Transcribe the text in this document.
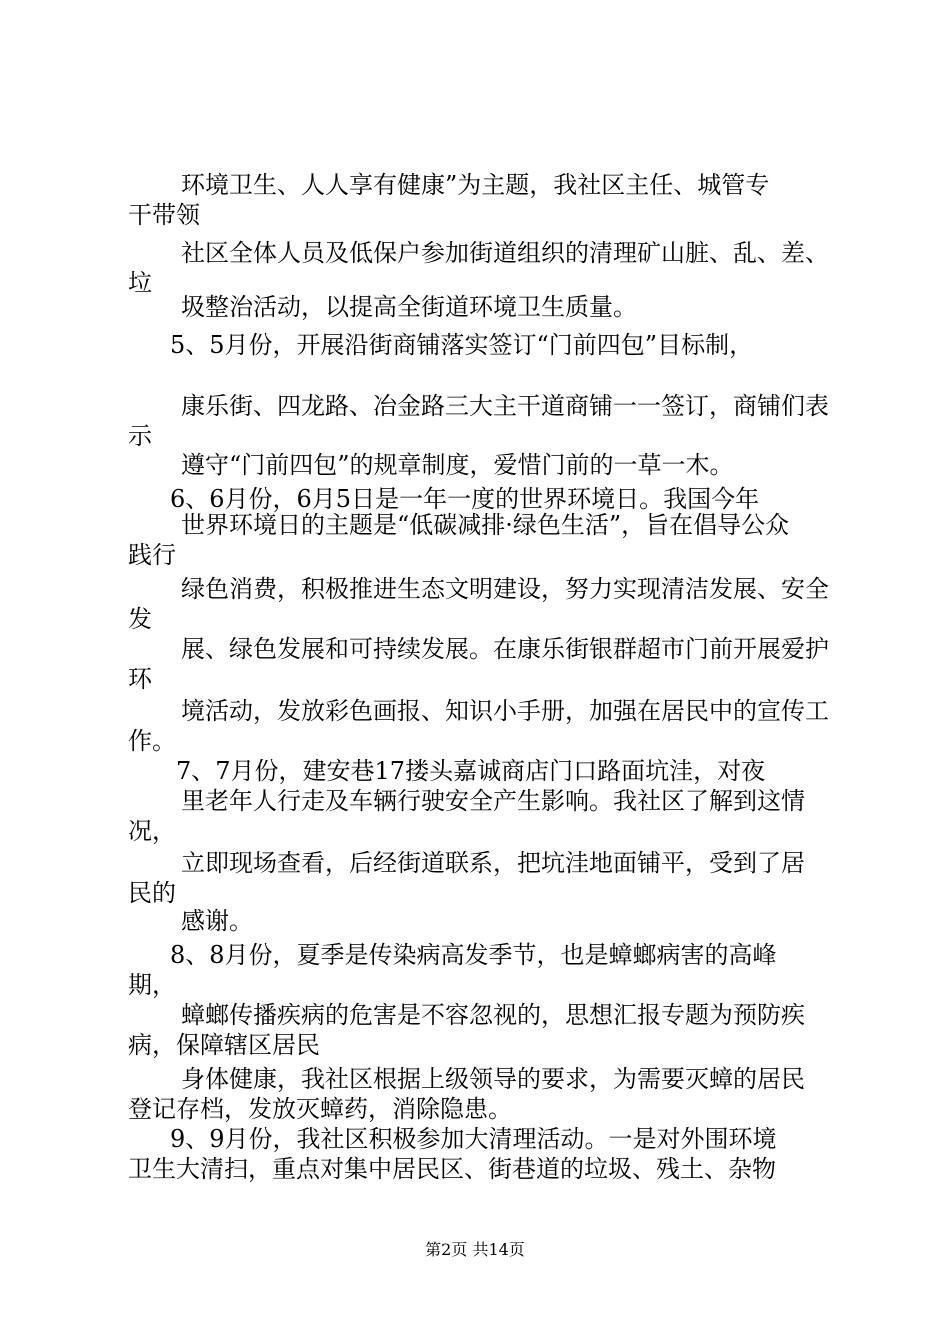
环境卫生、人人享有健康”为主题，我社区主任、城管专
干带领
社区全体人员及低保户参加街道组织的清理矿山脏、乱、差、
垃
圾整治活动，以提高全街道环境卫生质量。
5、5月份，开展沿街商铺落实签订“门前四包”目标制，
康乐街、四龙路、冶金路三大主干道商铺一一签订，商铺们表
示
遵守“门前四包”的规章制度，爱惜门前的一草一木。
6、6月份，6月5日是一年一度的世界环境日。我国今年
世界环境日的主题是“低碳减排·绿色生活”，旨在倡导公众
践行
绿色消费，积极推进生态文明建设，努力实现清洁发展、安全
发
展、绿色发展和可持续发展。在康乐街银群超市门前开展爱护
环
境活动，发放彩色画报、知识小手册，加强在居民中的宣传工
作。
7、7月份，建安巷17搂头嘉诚商店门口路面坑洼，对夜
里老年人行走及车辆行驶安全产生影响。我社区了解到这情
况，
立即现场查看，后经街道联系，把坑洼地面铺平，受到了居
民的
感谢。
8、8月份，夏季是传染病高发季节，也是蟑螂病害的高峰
期，
蟑螂传播疾病的危害是不容忽视的，思想汇报专题为预防疾
病，保障辖区居民
身体健康，我社区根据上级领导的要求，为需要灭蟑的居民
登记存档，发放灭蟑药，消除隐患。
9、9月份，我社区积极参加大清理活动。一是对外围环境
卫生大清扫，重点对集中居民区、街巷道的垃圾、残土、杂物
第2页 共14页
